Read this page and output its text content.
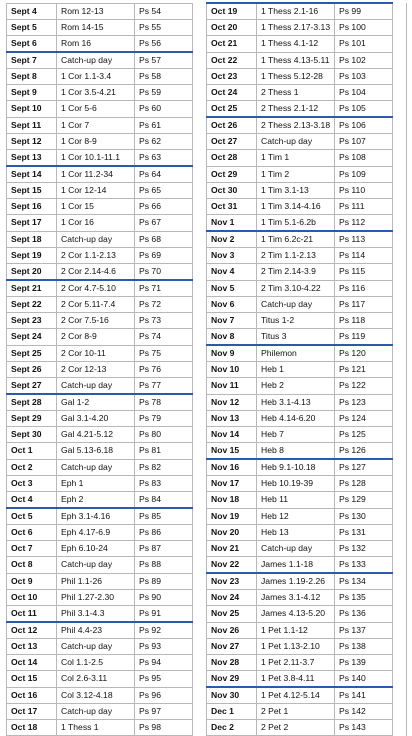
Sept 4	Rom 12-13	Ps 54		Oct 19	1 Thess 2.1-16	Ps 99	
Sept 5	Rom 14-15	Ps 55		Oct 20	1 Thess 2.17-3.13	Ps 100	
Sept 6	Rom 16	Ps 56		Oct 21	1 Thess 4.1-12	Ps 101	
Sept 7	Catch-up day	Ps 57		Oct 22	1 Thess 4.13-5.11	Ps 102	
Sept 8	1 Cor 1.1-3.4	Ps 58		Oct 23	1 Thess 5.12-28	Ps 103	
Sept 9	1 Cor 3.5-4.21	Ps 59		Oct 24	2 Thess 1	Ps 104	
Sept 10	1 Cor 5-6	Ps 60		Oct 25	2 Thess 2.1-12	Ps 105	
Sept 11	1 Cor 7	Ps 61		Oct 26	2 Thess 2.13-3.18	Ps 106	
Sept 12	1 Cor 8-9	Ps 62		Oct 27	Catch-up day	Ps 107	
Sept 13	1 Cor 10.1-11.1	Ps 63		Oct 28	1 Tim 1	Ps 108	
Sept 14	1 Cor 11.2-34	Ps 64		Oct 29	1 Tim 2	Ps 109	
Sept 15	1 Cor 12-14	Ps 65		Oct 30	1 Tim 3.1-13	Ps 110	
Sept 16	1 Cor 15	Ps 66		Oct 31	1 Tim 3.14-4.16	Ps 111	
Sept 17	1 Cor 16	Ps 67		Nov 1	1 Tim 5.1-6.2b	Ps 112	
Sept 18	Catch-up day	Ps 68		Nov 2	1 Tim 6.2c-21	Ps 113	
Sept 19	2 Cor 1.1-2.13	Ps 69		Nov 3	2 Tim 1.1-2.13	Ps 114	
Sept 20	2 Cor 2.14-4.6	Ps 70		Nov 4	2 Tim 2.14-3.9	Ps 115	
Sept 21	2 Cor 4.7-5.10	Ps 71		Nov 5	2 Tim 3.10-4.22	Ps 116	
Sept 22	2 Cor 5.11-7.4	Ps 72		Nov 6	Catch-up day	Ps 117	
Sept 23	2 Cor 7.5-16	Ps 73		Nov 7	Titus 1-2	Ps 118	
Sept 24	2 Cor 8-9	Ps 74		Nov 8	Titus 3	Ps 119	
Sept 25	2 Cor 10-11	Ps 75		Nov 9	Philemon	Ps 120	
Sept 26	2 Cor 12-13	Ps 76		Nov 10	Heb 1	Ps 121	
Sept 27	Catch-up day	Ps 77		Nov 11	Heb 2	Ps 122	
Sept 28	Gal 1-2	Ps 78		Nov 12	Heb 3.1-4.13	Ps 123	
Sept 29	Gal 3.1-4.20	Ps 79		Nov 13	Heb 4.14-6.20	Ps 124	
Sept 30	Gal 4.21-5.12	Ps 80		Nov 14	Heb 7	Ps 125	
Oct 1	Gal 5.13-6.18	Ps 81		Nov 15	Heb 8	Ps 126	
Oct 2	Catch-up day	Ps 82		Nov 16	Heb 9.1-10.18	Ps 127	
Oct 3	Eph 1	Ps 83		Nov 17	Heb 10.19-39	Ps 128	
Oct 4	Eph 2	Ps 84		Nov 18	Heb 11	Ps 129	
Oct 5	Eph 3.1-4.16	Ps 85		Nov 19	Heb 12	Ps 130	
Oct 6	Eph 4.17-6.9	Ps 86		Nov 20	Heb 13	Ps 131	
Oct 7	Eph 6.10-24	Ps 87		Nov 21	Catch-up day	Ps 132	
Oct 8	Catch-up day	Ps 88		Nov 22	James 1.1-18	Ps 133	
Oct 9	Phil 1.1-26	Ps 89		Nov 23	James 1.19-2.26	Ps 134	
Oct 10	Phil 1.27-2.30	Ps 90		Nov 24	James 3.1-4.12	Ps 135	
Oct 11	Phil 3.1-4.3	Ps 91		Nov 25	James 4.13-5.20	Ps 136	
Oct 12	Phil 4.4-23	Ps 92		Nov 26	1 Pet 1.1-12	Ps 137	
Oct 13	Catch-up day	Ps 93		Nov 27	1 Pet 1.13-2.10	Ps 138	
Oct 14	Col 1.1-2.5	Ps 94		Nov 28	1 Pet 2.11-3.7	Ps 139	
Oct 15	Col 2.6-3.11	Ps 95		Nov 29	1 Pet 3.8-4.11	Ps 140	
Oct 16	Col 3.12-4.18	Ps 96		Nov 30	1 Pet 4.12-5.14	Ps 141	
Oct 17	Catch-up day	Ps 97		Dec 1	2 Pet 1	Ps 142	
Oct 18	1 Thess 1	Ps 98		Dec 2	2 Pet 2	Ps 143	
